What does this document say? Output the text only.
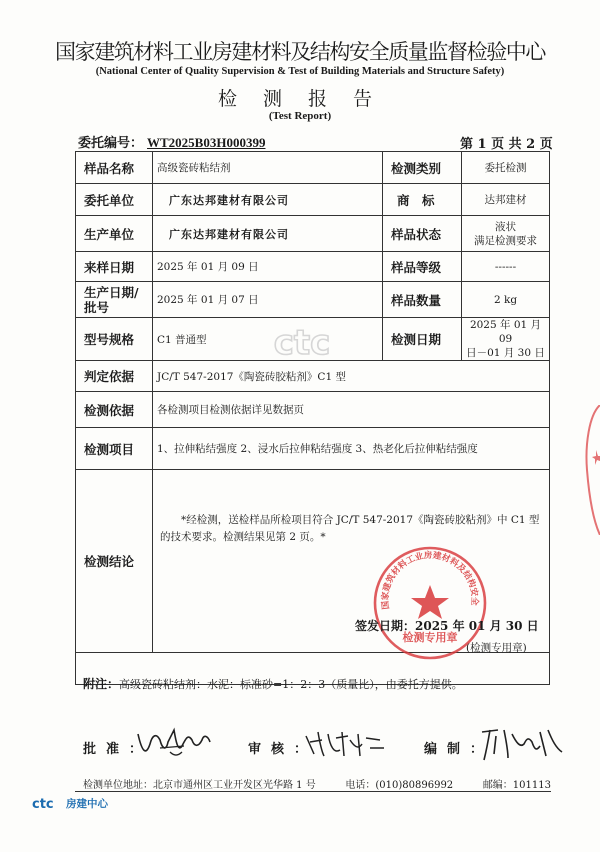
国家建筑材料工业房建材料及结构安全质量监督检验中心
(National Center of Quality Supervision & Test of Building Materials and Structure Safety)
检 测 报 告
(Test Report)
委托编号： WT2025B03H000399	第 1 页 共 2 页
ctc
样品名称	高级瓷砖粘结剂	检测类别	委托检测
委托单位	广东达邦建材有限公司	商　标	达邦建材
生产单位	广东达邦建材有限公司	样品状态	液状
满足检测要求

来样日期	2025 年 01 月 09 日	样品等级	------

生产日期/
批号	2025 年 01 月 07 日	样品数量	2 kg
型号规格	C1 普通型	检测日期	2025 年 01 月 09
日－01 月 30 日

判定依据	JC/T 547-2017《陶瓷砖胶粘剂》C1 型		
检测依据	各检测项目检测依据详见数据页		
检测项目	1、拉伸粘结强度 2、浸水后拉伸粘结强度 3、热老化后拉伸粘结强度		
检测结论			

*经检测，送检样品所检项目符合 JC/T 547-2017《陶瓷砖胶粘剂》中 C1 型的技术要求。检测结果见第 2 页。*
国家建筑材料工业房建材料及结构安全
检测专用章
签发日期：2025 年 01 月 30 日
(检测专用章)
附注：高级瓷砖粘结剂：水泥：标准砂=1：2：3（质量比），由委托方提供。
批准：	审核：	编制：
检测单位地址：北京市通州区工业开发区光华路 1 号	电话：(010)80896992	邮编：101113
ctc 房建中心
